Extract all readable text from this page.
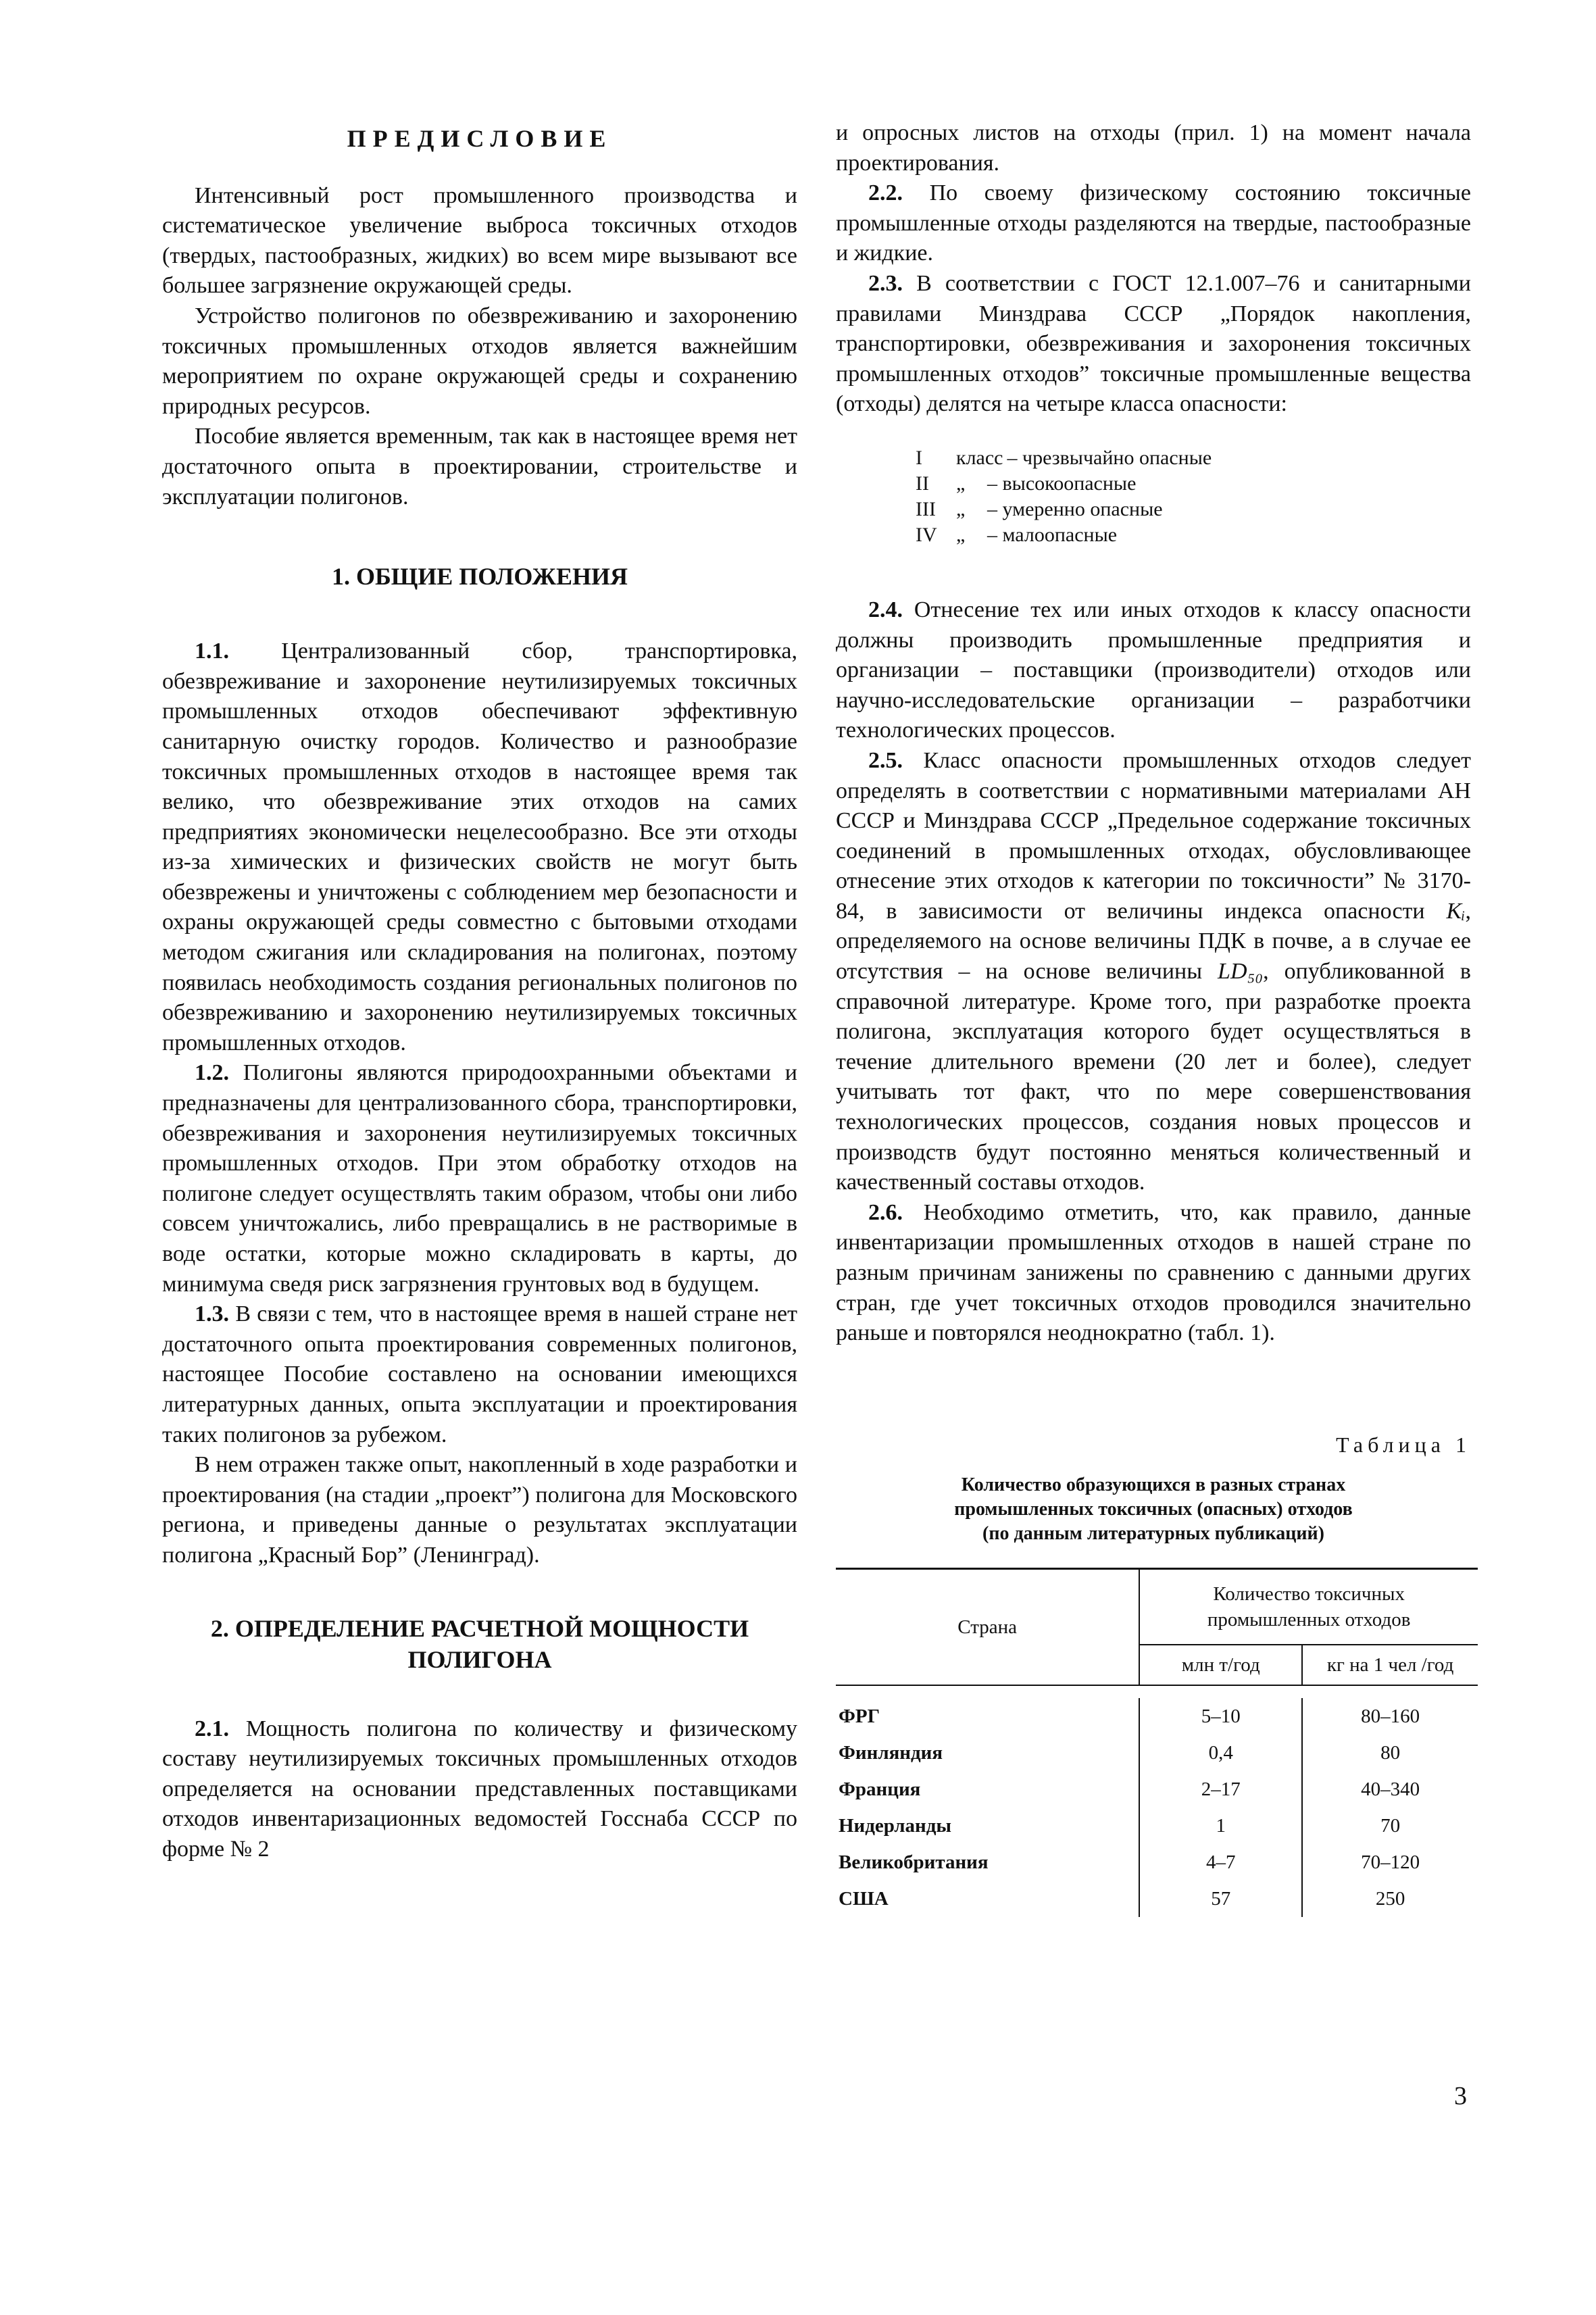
ПРЕДИСЛОВИЕ

Интенсивный рост промышленного производства и систематическое увеличение выброса токсичных отходов (твердых, пастообразных, жидких) во всем мире вызывают все большее загрязнение окружающей среды.

Устройство полигонов по обезвреживанию и захоронению токсичных промышленных отходов является важнейшим мероприятием по охране окружающей среды и сохранению природных ресурсов.

Пособие является временным, так как в настоящее время нет достаточного опыта в проектировании, строительстве и эксплуатации полигонов.

1. ОБЩИЕ ПОЛОЖЕНИЯ

1.1. Централизованный сбор, транспортировка, обезвреживание и захоронение неутилизируемых токсичных промышленных отходов обеспечивают эффективную санитарную очистку городов. Количество и разнообразие токсичных промышленных отходов в настоящее время так велико, что обезвреживание этих отходов на самих предприятиях экономически нецелесообразно. Все эти отходы из-за химических и физических свойств не могут быть обезврежены и уничтожены с соблюдением мер безопасности и охраны окружающей среды совместно с бытовыми отходами методом сжигания или складирования на полигонах, поэтому появилась необходимость создания региональных полигонов по обезвреживанию и захоронению неутилизируемых токсичных промышленных отходов.

1.2. Полигоны являются природоохранными объектами и предназначены для централизованного сбора, транспортировки, обезвреживания и захоронения неутилизируемых токсичных промышленных отходов. При этом обработку отходов на полигоне следует осуществлять таким образом, чтобы они либо совсем уничтожались, либо превращались в не растворимые в воде остатки, которые можно складировать в карты, до минимума сведя риск загрязнения грунтовых вод в будущем.

1.3. В связи с тем, что в настоящее время в нашей стране нет достаточного опыта проектирования современных полигонов, настоящее Пособие составлено на основании имеющихся литературных данных, опыта эксплуатации и проектирования таких полигонов за рубежом.

В нем отражен также опыт, накопленный в ходе разработки и проектирования (на стадии „проект”) полигона для Московского региона, и приведены данные о результатах эксплуатации полигона „Красный Бор” (Ленинград).

2. ОПРЕДЕЛЕНИЕ РАСЧЕТНОЙ МОЩНОСТИ
ПОЛИГОНА

2.1. Мощность полигона по количеству и физическому составу неутилизируемых токсичных промышленных отходов определяется на основании представленных поставщиками отходов инвентаризационных ведомостей Госснаба СССР по форме № 2

и опросных листов на отходы (прил. 1) на момент начала проектирования.

2.2. По своему физическому состоянию токсичные промышленные отходы разделяются на твердые, пастообразные и жидкие.

2.3. В соответствии с ГОСТ 12.1.007–76 и санитарными правилами Минздрава СССР „Порядок накопления, транспортировки, обезвреживания и захоронения токсичных промышленных отходов” токсичные промышленные вещества (отходы) делятся на четыре класса опасности:

I	класс – чрезвычайно опасные
II	„	– высокоопасные
III	„	– умеренно опасные
IV „	– малоопасные

2.4. Отнесение тех или иных отходов к классу опасности должны производить промышленные предприятия и организации – поставщики (производители) отходов или научно-исследовательские организации – разработчики технологических процессов.

2.5. Класс опасности промышленных отходов следует определять в соответствии с нормативными материалами АН СССР и Минздрава СССР „Предельное содержание токсичных соединений в промышленных отходах, обусловливающее отнесение этих отходов к категории по токсичности” № 3170-84, в зависимости от величины индекса опасности Kᵢ, определяемого на основе величины ПДК в почве, а в случае ее отсутствия – на основе величины LD₅₀, опубликованной в справочной литературе. Кроме того, при разработке проекта полигона, эксплуатация которого будет осуществляться в течение длительного времени (20 лет и более), следует учитывать тот факт, что по мере совершенствования технологических процессов, создания новых процессов и производств будут постоянно меняться количественный и качественный составы отходов.

2.6. Необходимо отметить, что, как правило, данные инвентаризации промышленных отходов в нашей стране по разным причинам занижены по сравнению с данными других стран, где учет токсичных отходов проводился значительно раньше и повторялся неоднократно (табл. 1).

Таблица 1
Количество образующихся в разных странах
промышленных токсичных (опасных) отходов
(по данным литературных публикаций)
Страна	Количество токсичных
промышленных отходов	
	млн т/год	кг на 1 чел /год

ФРГ	5–10	80–160
Финляндия	0,4	80
Франция	2–17	40–340
Нидерланды	1	70
Великобритания	4–7	70–120
США	57	250
3
